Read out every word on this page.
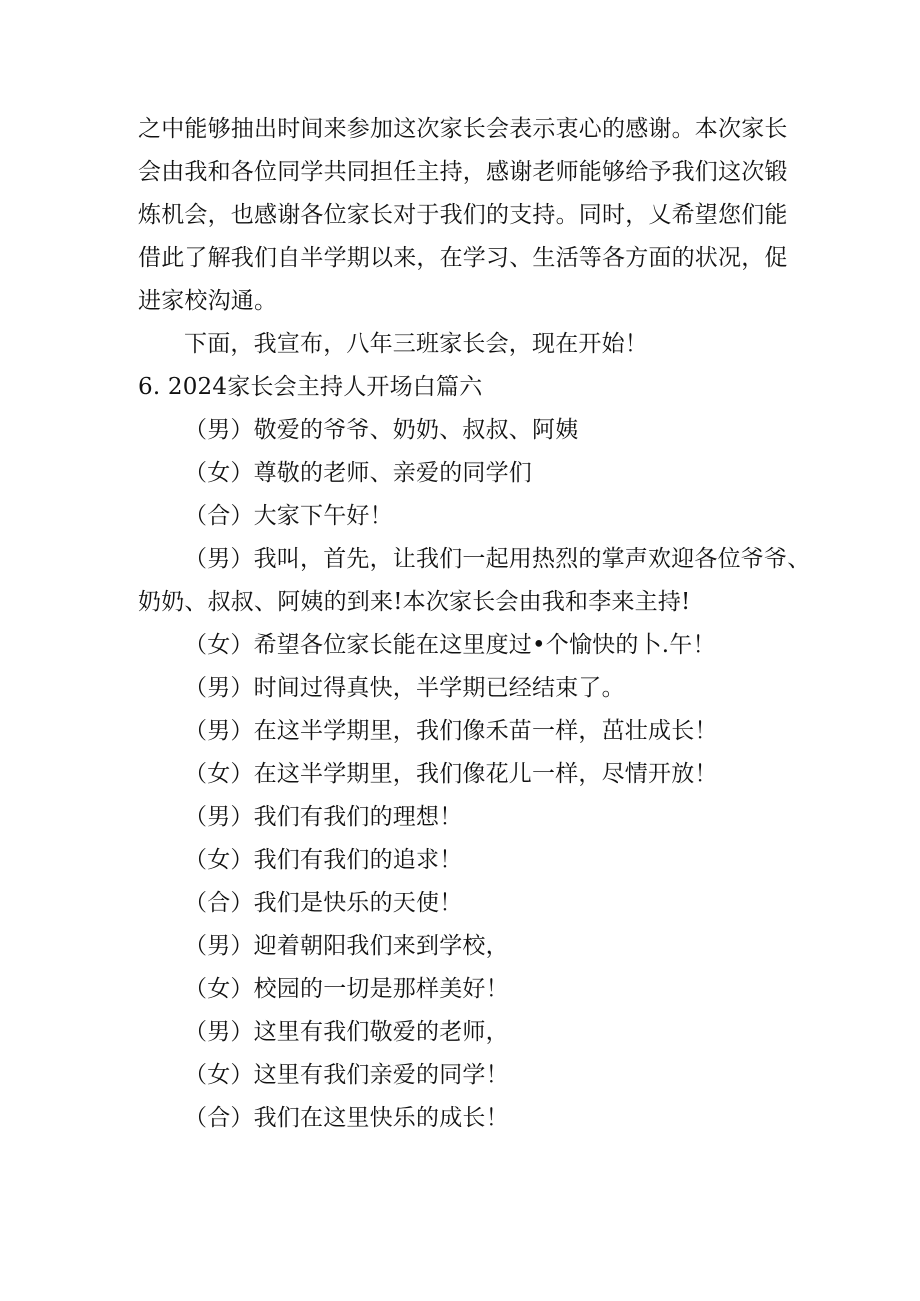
之中能够抽出时间来参加这次家长会表示衷心的感谢。本次家长
会由我和各位同学共同担任主持，感谢老师能够给予我们这次锻
炼机会，也感谢各位家长对于我们的支持。同时，乂希望您们能
借此了解我们自半学期以来，在学习、生活等各方面的状况，促
进家校沟通。

下面，我宣布，八年三班家长会，现在开始！

6. 2024家长会主持人开场白篇六

（男）敬爱的爷爷、奶奶、叔叔、阿姨

（女）尊敬的老师、亲爱的同学们

（合）大家下午好！

（男）我叫，首先，让我们一起用热烈的掌声欢迎各位爷爷、
奶奶、叔叔、阿姨的到来!本次家长会由我和李来主持!

（女）希望各位家长能在这里度过•个愉快的卜.午！

（男）时间过得真快，半学期已经结束了。

（男）在这半学期里，我们像禾苗一样，茁壮成长！

（女）在这半学期里，我们像花儿一样，尽情开放！

（男）我们有我们的理想！

（女）我们有我们的追求！

（合）我们是快乐的天使！

（男）迎着朝阳我们来到学校，

（女）校园的一切是那样美好！

（男）这里有我们敬爱的老师，

（女）这里有我们亲爱的同学！

（合）我们在这里快乐的成长！
